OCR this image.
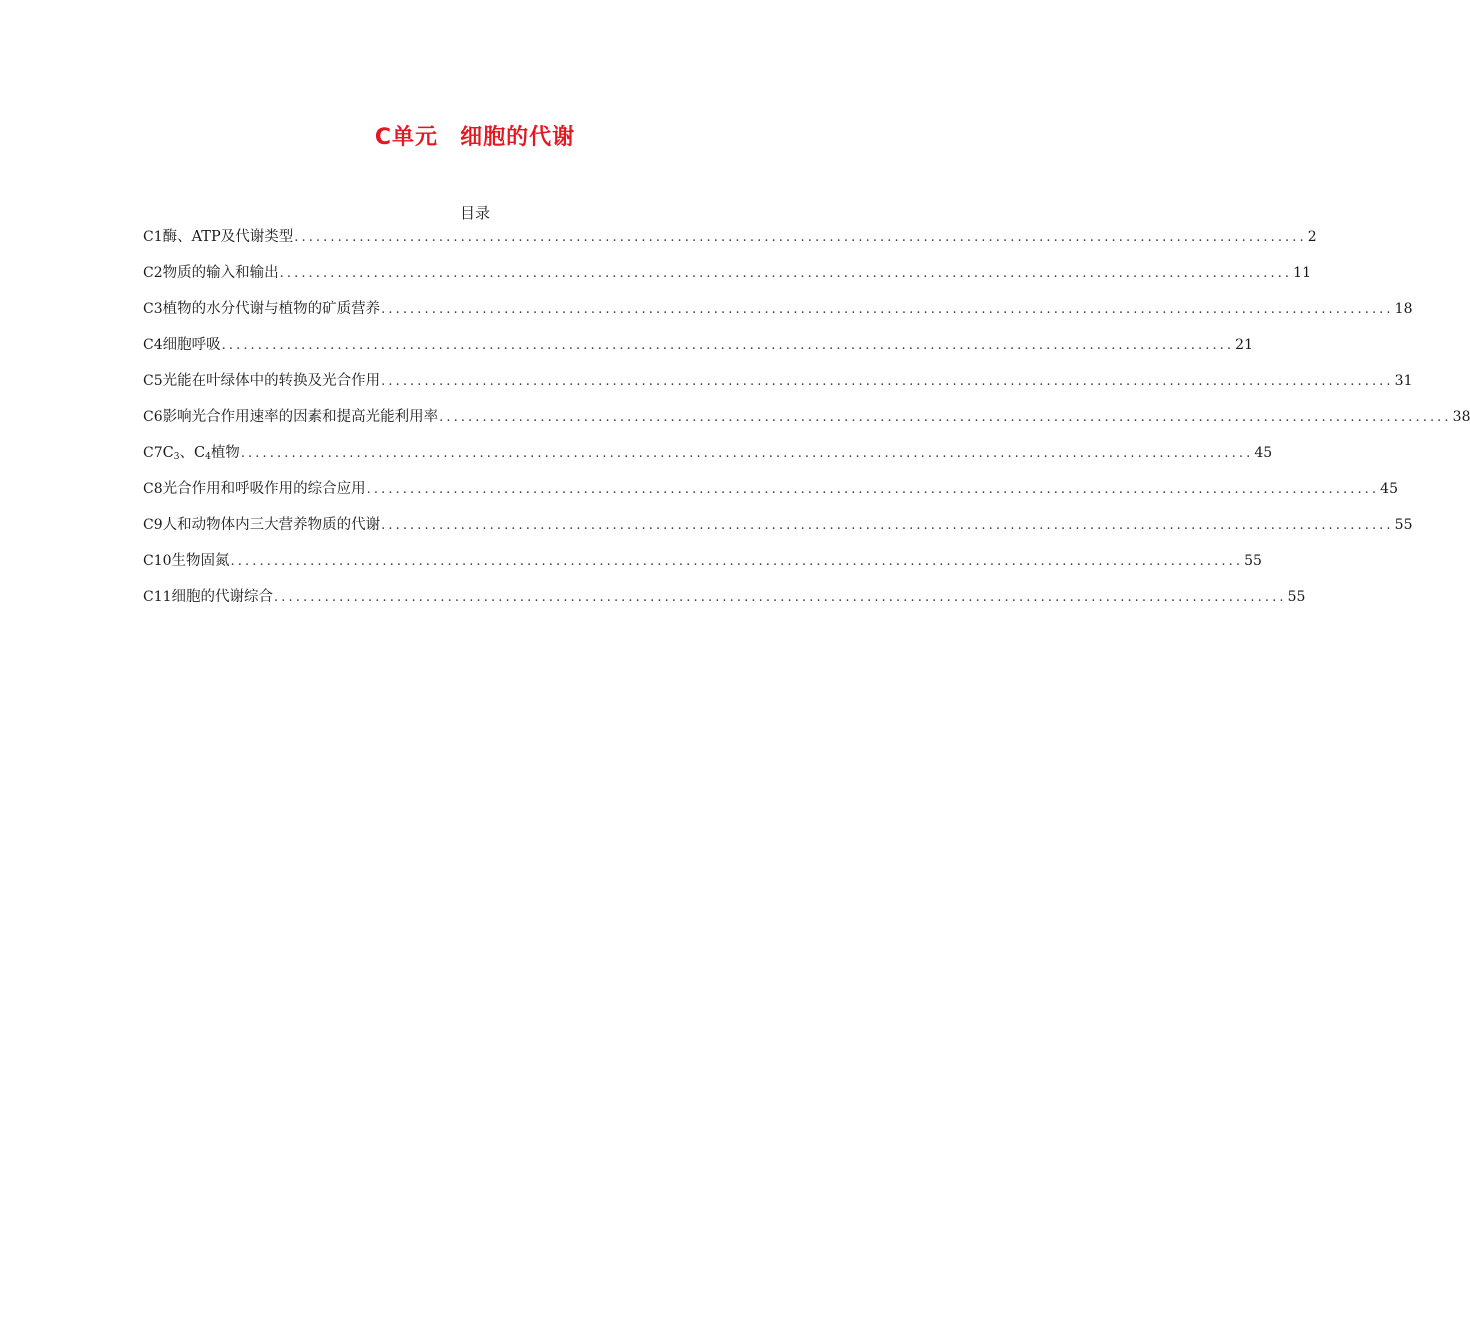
C单元 细胞的代谢
目录
C1 酶、ATP及代谢类型 ............................................................................................................................................ 2
C2 物质的输入和输出 ............................................................................................................................................ 11
C3 植物的水分代谢与植物的矿质营养 ............................................................................................................................................ 18
C4 细胞呼吸 ............................................................................................................................................ 21
C5 光能在叶绿体中的转换及光合作用 ............................................................................................................................................ 31
C6 影响光合作用速率的因素和提高光能利用率 ............................................................................................................................................ 38
C7 $C_3$、$C_4$植物 ............................................................................................................................................ 45
C8 光合作用和呼吸作用的综合应用 ............................................................................................................................................ 45
C9 人和动物体内三大营养物质的代谢 ............................................................................................................................................ 55
C10 生物固氮 ............................................................................................................................................ 55
C11 细胞的代谢综合 ............................................................................................................................................ 55
